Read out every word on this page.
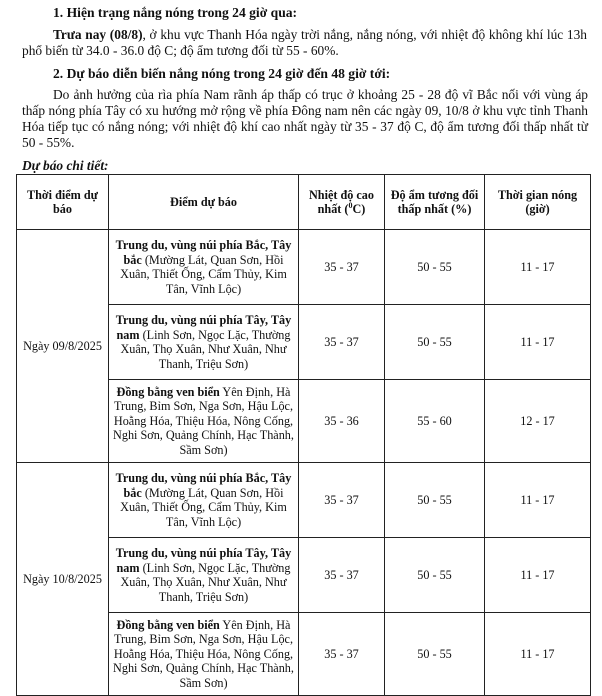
1. Hiện trạng nắng nóng trong 24 giờ qua:
Trưa nay (08/8), ở khu vực Thanh Hóa ngày trời nắng, nắng nóng, với nhiệt độ không khí lúc 13h phổ biến từ 34.0 - 36.0 độ C; độ ẩm tương đối từ 55 - 60%.
2. Dự báo diễn biến nắng nóng trong 24 giờ đến 48 giờ tới:
Do ảnh hưởng của rìa phía Nam rãnh áp thấp có trục ở khoảng 25 - 28 độ vĩ Bắc nối với vùng áp thấp nóng phía Tây có xu hướng mở rộng về phía Đông nam nên các ngày 09, 10/8 ở khu vực tỉnh Thanh Hóa tiếp tục có nắng nóng; với nhiệt độ khí cao nhất ngày từ 35 - 37 độ C, độ ẩm tương đối thấp nhất từ 50 - 55%.
Dự báo chi tiết:
Thời điểm dự báo	Điểm dự báo	Nhiệt độ cao nhất ($^0$C)	Độ ẩm tương đối thấp nhất (%)	Thời gian nóng (giờ)
Ngày 09/8/2025	Trung du, vùng núi phía Bắc, Tây bắc (Mường Lát, Quan Sơn, Hồi Xuân, Thiết Ống, Cẩm Thủy, Kim Tân, Vĩnh Lộc)	35 - 37	50 - 55	11 - 17
	Trung du, vùng núi phía Tây, Tây nam (Linh Sơn, Ngọc Lặc, Thường Xuân, Thọ Xuân, Như Xuân, Như Thanh, Triệu Sơn)	35 - 37	50 - 55	11 - 17
	Đồng bằng ven biển Yên Định, Hà Trung, Bỉm Sơn, Nga Sơn, Hậu Lộc, Hoằng Hóa, Thiệu Hóa, Nông Cống, Nghi Sơn, Quảng Chính, Hạc Thành, Sầm Sơn)	35 - 36	55 - 60	12 - 17
Ngày 10/8/2025	Trung du, vùng núi phía Bắc, Tây bắc (Mường Lát, Quan Sơn, Hồi Xuân, Thiết Ống, Cẩm Thủy, Kim Tân, Vĩnh Lộc)	35 - 37	50 - 55	11 - 17
	Trung du, vùng núi phía Tây, Tây nam (Linh Sơn, Ngọc Lặc, Thường Xuân, Thọ Xuân, Như Xuân, Như Thanh, Triệu Sơn)	35 - 37	50 - 55	11 - 17
	Đồng bằng ven biển Yên Định, Hà Trung, Bỉm Sơn, Nga Sơn, Hậu Lộc, Hoằng Hóa, Thiệu Hóa, Nông Cống, Nghi Sơn, Quảng Chính, Hạc Thành, Sầm Sơn)	35 - 37	50 - 55	11 - 17
